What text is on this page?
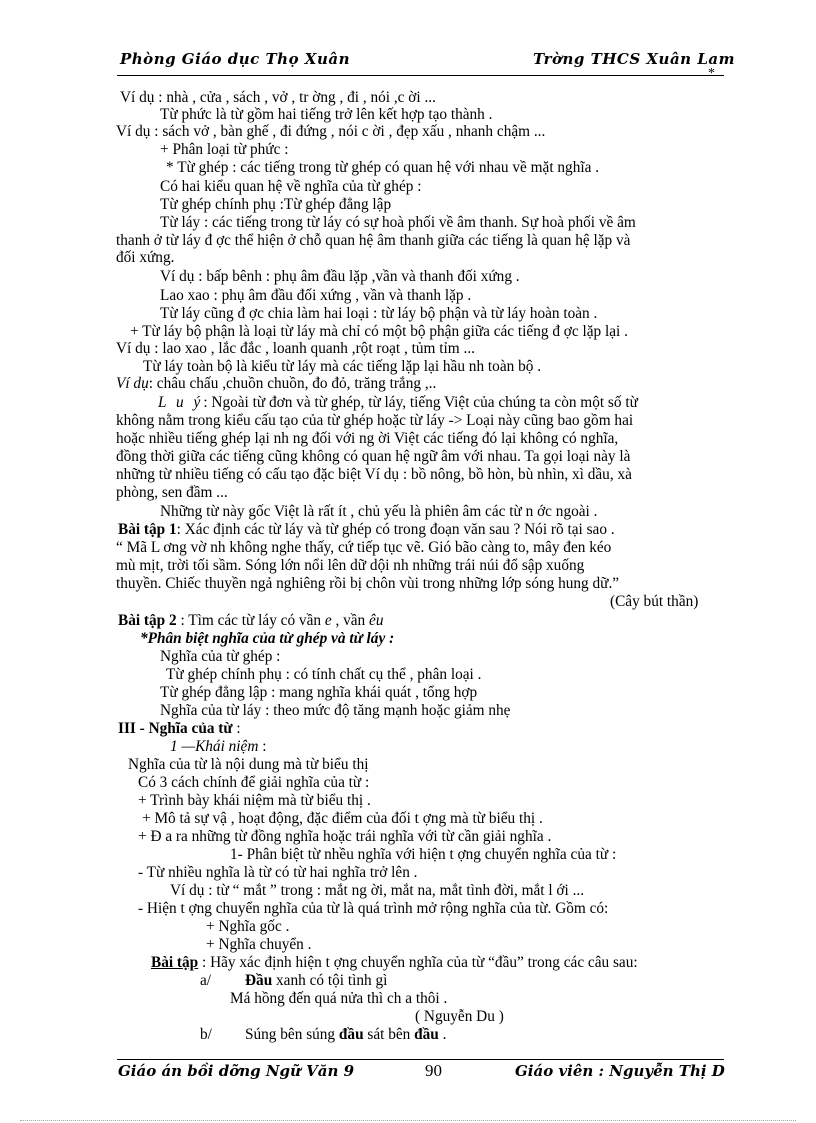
Phòng Giáo dục Thọ Xuân	Trờng THCS Xuân Lam
*
Ví dụ : nhà , cửa , sách , vở , tr ờng , đi , nói ,c ời ...
Từ phức là từ gồm hai tiếng trở lên kết hợp tạo thành .
Ví dụ : sách vở , bàn ghế , đi đứng , nói c ời , đẹp xấu , nhanh chậm ...
+ Phân loại từ phức :
* Từ ghép : các tiếng trong từ ghép có quan hệ với nhau về mặt nghĩa .
Có hai kiểu quan hệ về nghĩa của từ ghép :
Từ ghép chính phụ :Từ ghép đẳng lập
Từ láy : các tiếng trong từ láy có sự hoà phối về âm thanh. Sự hoà phối về âm
thanh ở từ láy đ ợc thể hiện ở chỗ quan hệ âm thanh giữa các tiếng là quan hệ lặp và
đối xứng.
Ví dụ : bấp bênh : phụ âm đầu lặp ,vần và thanh đối xứng .
Lao xao : phụ âm đầu đối xứng , vần và thanh lặp .
Từ láy cũng đ ợc chia làm hai loại : từ láy bộ phận và từ láy hoàn toàn .
+ Từ láy bộ phận là loại từ láy mà chỉ có một bộ phận giữa các tiếng đ ợc lặp lại .
Ví dụ : lao xao , lắc đắc , loanh quanh ,rột roạt , tủm tỉm ...
Từ láy toàn bộ là kiểu từ láy mà các tiếng lặp lại hầu nh toàn bộ .
Ví dụ: châu chấu ,chuồn chuồn, đo đỏ, trăng trắng ,..
L u ý: Ngoài từ đơn và từ ghép, từ láy, tiếng Việt của chúng ta còn một số từ
không nằm trong kiểu cấu tạo của từ ghép hoặc từ láy -> Loại này cũng bao gồm hai
hoặc nhiều tiếng ghép lại nh ng đối với ng ời Việt các tiếng đó lại không có nghĩa,
đồng thời giữa các tiếng cũng không có quan hệ ngữ âm với nhau. Ta gọi loại này là
những từ nhiều tiếng có cấu tạo đặc biệt Ví dụ : bồ nông, bồ hòn, bù nhìn, xì dầu, xà
phòng, sen đầm ...
Những từ này gốc Việt là rất ít , chủ yếu là phiên âm các từ n ớc ngoài .
Bài tập 1: Xác định các từ láy và từ ghép có trong đoạn văn sau ? Nói rõ tại sao .
“ Mã L ơng vờ nh không nghe thấy, cứ tiếp tục vẽ. Gió bão càng to, mây đen kéo
mù mịt, trời tối sầm. Sóng lớn nổi lên dữ dội nh những trái núi đổ sập xuống
thuyền. Chiếc thuyền ngả nghiêng rồi bị chôn vùi trong những lớp sóng hung dữ.”
(Cây bút thần)
Bài tập 2 : Tìm các từ láy có vần e , vần êu
*Phân biệt nghĩa của từ ghép và từ láy :
Nghĩa của từ ghép :
Từ ghép chính phụ : có tính chất cụ thể , phân loại .
Từ ghép đẳng lập : mang nghĩa khái quát , tổng hợp
Nghĩa của từ láy : theo mức độ tăng mạnh hoặc giảm nhẹ
III - Nghĩa của từ :
1 —Khái niệm :
Nghĩa của từ là nội dung mà từ biểu thị
Có 3 cách chính để giải nghĩa của từ :
+ Trình bày khái niệm mà từ biểu thị .
+ Mô tả sự vậ , hoạt động, đặc điểm của đối t ợng mà từ biểu thị .
+ Đ a ra những từ đồng nghĩa hoặc trái nghĩa với từ cần giải nghĩa .
1- Phân biệt từ nhều nghĩa với hiện t ợng chuyển nghĩa của từ :
- Từ nhiều nghĩa là từ có từ hai nghĩa trở lên .
Ví dụ : từ “ mắt ” trong : mắt ng ời, mắt na, mắt tình đời, mắt l ới ...
- Hiện t ợng chuyển nghĩa của từ là quá trình mở rộng nghĩa của từ. Gồm có:
+ Nghĩa gốc .
+ Nghĩa chuyển .
Bài tập : Hãy xác định hiện t ợng chuyển nghĩa của từ “đầu” trong các câu sau:
a/ Đầu xanh có tội tình gì
Má hồng đến quá nửa thì ch a thôi .
( Nguyễn Du )
b/ Súng bên súng đầu sát bên đầu .
Giáo án bồi dỡng Ngữ Văn 9	90	Giáo viên : Nguyễn Thị D
